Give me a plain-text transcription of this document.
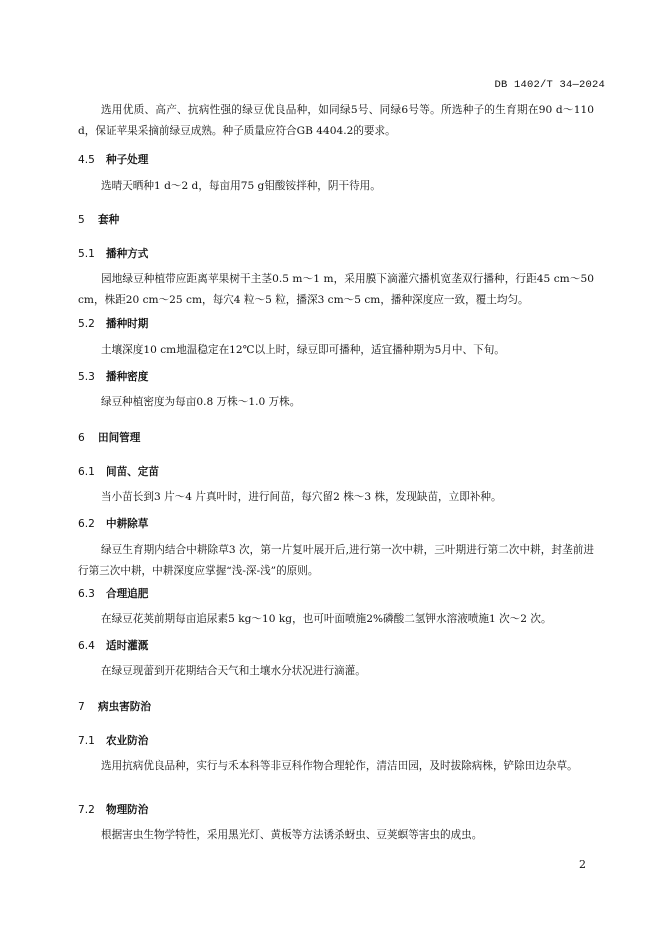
DB 1402/T 34—2024
选用优质、高产、抗病性强的绿豆优良品种，如同绿5号、同绿6号等。所选种子的生育期在90 d～110 d，保证苹果采摘前绿豆成熟。种子质量应符合GB 4404.2的要求。
4.5 种子处理
选晴天晒种1 d～2 d，每亩用75 g钼酸铵拌种，阴干待用。
5 套种
5.1 播种方式
园地绿豆种植带应距离苹果树干主茎0.5 m～1 m，采用膜下滴灌穴播机宽垄双行播种，行距45 cm～50 cm，株距20 cm～25 cm，每穴4 粒～5 粒，播深3 cm～5 cm，播种深度应一致，覆土均匀。
5.2 播种时期
土壤深度10 cm地温稳定在12℃以上时，绿豆即可播种，适宜播种期为5月中、下旬。
5.3 播种密度
绿豆种植密度为每亩0.8 万株～1.0 万株。
6 田间管理
6.1 间苗、定苗
当小苗长到3 片～4 片真叶时，进行间苗，每穴留2 株～3 株，发现缺苗，立即补种。
6.2 中耕除草
绿豆生育期内结合中耕除草3 次，第一片复叶展开后,进行第一次中耕，三叶期进行第二次中耕，封垄前进行第三次中耕，中耕深度应掌握“浅-深-浅”的原则。
6.3 合理追肥
在绿豆花荚前期每亩追尿素5 kg～10 kg，也可叶面喷施2%磷酸二氢钾水溶液喷施1 次～2 次。
6.4 适时灌溉
在绿豆现蕾到开花期结合天气和土壤水分状况进行滴灌。
7 病虫害防治
7.1 农业防治
选用抗病优良品种，实行与禾本科等非豆科作物合理轮作，清洁田园，及时拔除病株，铲除田边杂草。
7.2 物理防治
根据害虫生物学特性，采用黑光灯、黄板等方法诱杀蚜虫、豆荚螟等害虫的成虫。
2
